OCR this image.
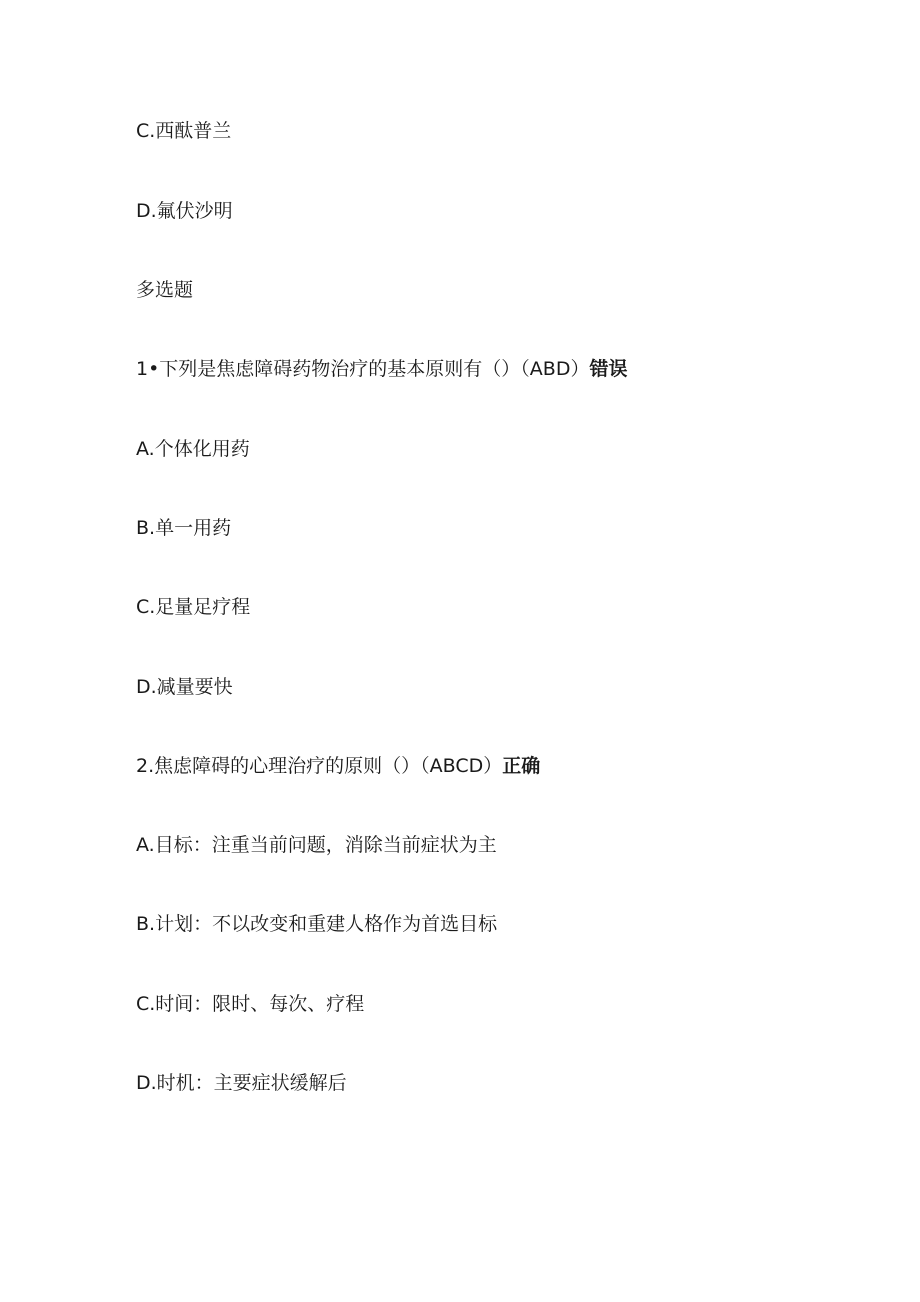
C.西酞普兰
D.氟伏沙明
多选题
1•下列是焦虑障碍药物治疗的基本原则有（）（ABD）错误
A.个体化用药
B.单一用药
C.足量足疗程
D.减量要快
2.焦虑障碍的心理治疗的原则（）（ABCD）正确
A.目标：注重当前问题，消除当前症状为主
B.计划：不以改变和重建人格作为首选目标
C.时间：限时、每次、疗程
D.时机：主要症状缓解后
